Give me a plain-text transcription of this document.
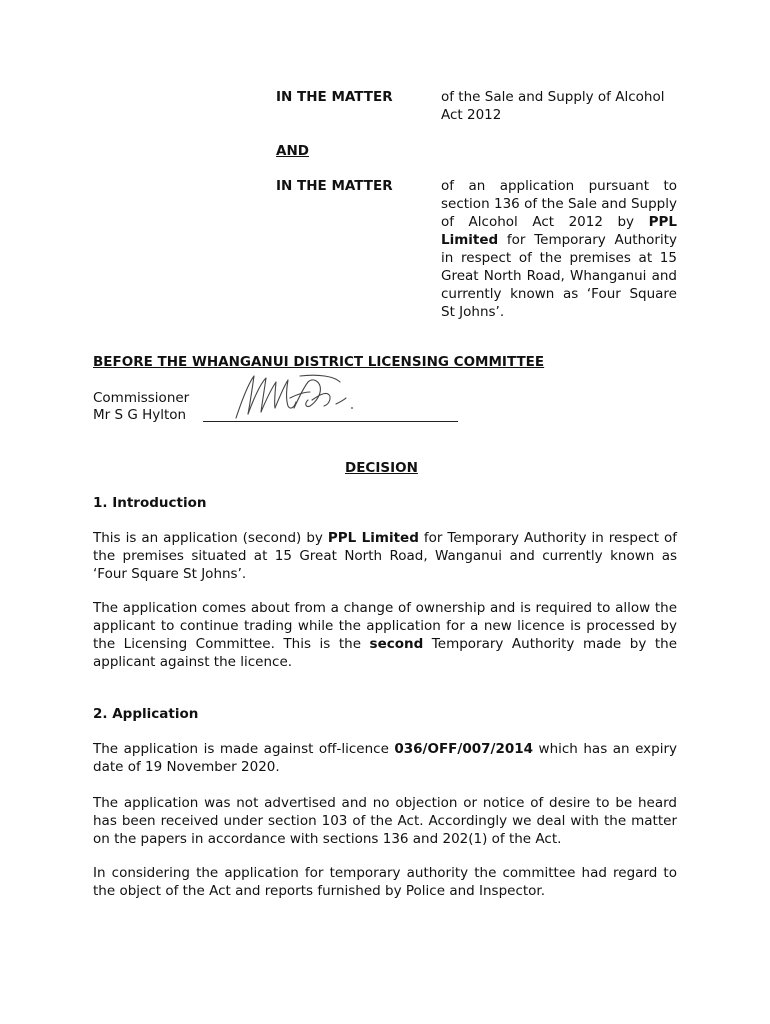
IN THE MATTER	of the Sale and Supply of Alcohol Act 2012
AND
IN THE MATTER	of an application pursuant to section 136 of the Sale and Supply of Alcohol Act 2012 by PPL Limited for Temporary Authority in respect of the premises at 15 Great North Road, Whanganui and currently known as ‘Four Square St Johns’.
BEFORE THE WHANGANUI DISTRICT LICENSING COMMITTEE
Commissioner
Mr S G Hylton
DECISION
1. Introduction
This is an application (second) by PPL Limited for Temporary Authority in respect of the premises situated at 15 Great North Road, Wanganui and currently known as ‘Four Square St Johns’.
The application comes about from a change of ownership and is required to allow the applicant to continue trading while the application for a new licence is processed by the Licensing Committee. This is the second Temporary Authority made by the applicant against the licence.
2. Application
The application is made against off-licence 036/OFF/007/2014 which has an expiry date of 19 November 2020.
The application was not advertised and no objection or notice of desire to be heard has been received under section 103 of the Act. Accordingly we deal with the matter on the papers in accordance with sections 136 and 202(1) of the Act.
In considering the application for temporary authority the committee had regard to the object of the Act and reports furnished by Police and Inspector.
